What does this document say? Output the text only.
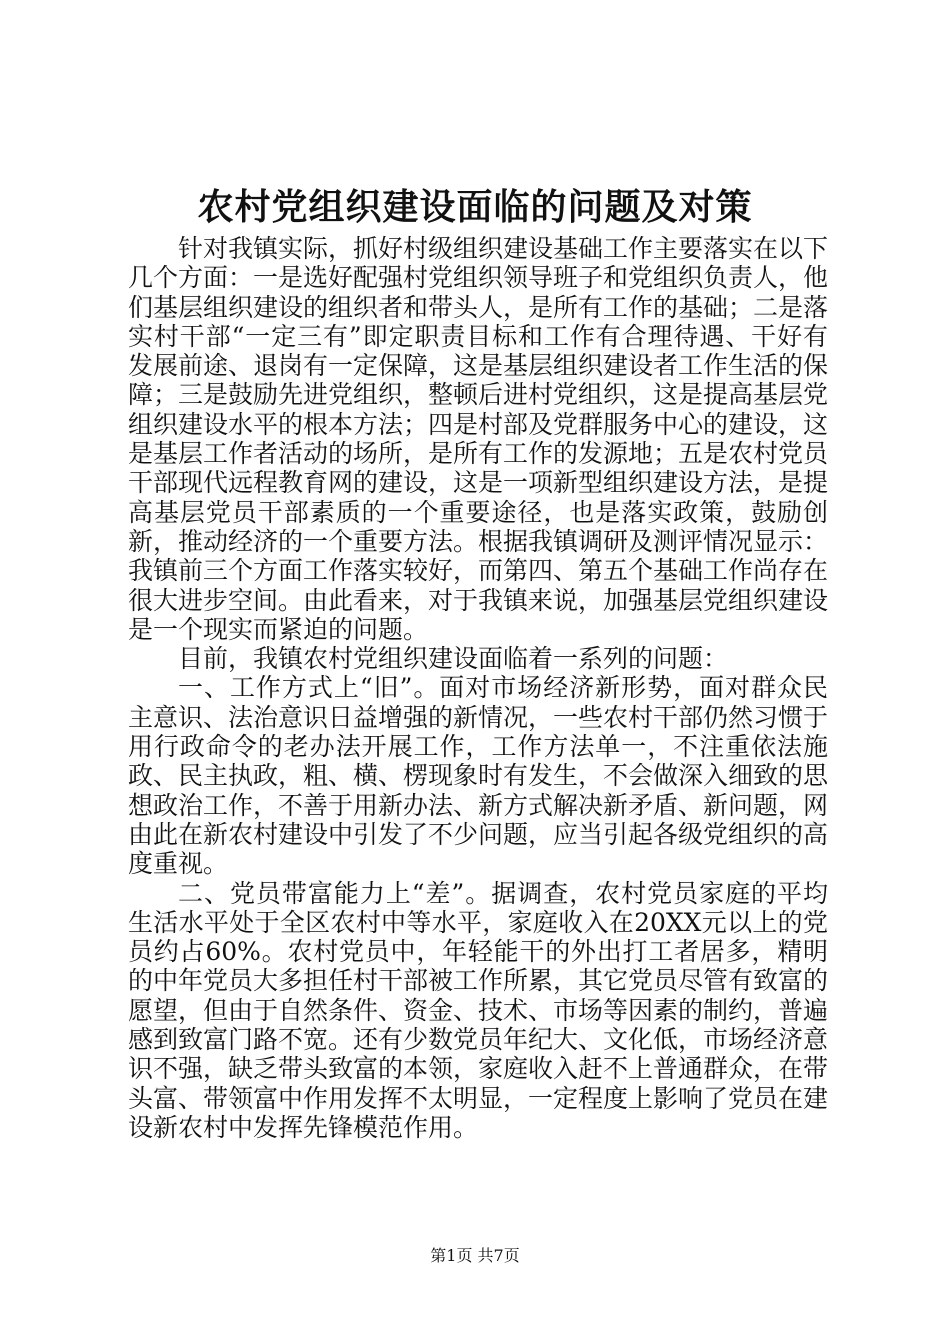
农村党组织建设面临的问题及对策

针对我镇实际，抓好村级组织建设基础工作主要落实在以下几个方面：一是选好配强村党组织领导班子和党组织负责人，他们基层组织建设的组织者和带头人，是所有工作的基础；二是落实村干部“一定三有”即定职责目标和工作有合理待遇、干好有发展前途、退岗有一定保障，这是基层组织建设者工作生活的保障；三是鼓励先进党组织，整顿后进村党组织，这是提高基层党组织建设水平的根本方法；四是村部及党群服务中心的建设，这是基层工作者活动的场所，是所有工作的发源地；五是农村党员干部现代远程教育网的建设，这是一项新型组织建设方法，是提高基层党员干部素质的一个重要途径，也是落实政策，鼓励创新，推动经济的一个重要方法。根据我镇调研及测评情况显示：我镇前三个方面工作落实较好，而第四、第五个基础工作尚存在很大进步空间。由此看来，对于我镇来说，加强基层党组织建设是一个现实而紧迫的问题。

目前，我镇农村党组织建设面临着一系列的问题：

一、工作方式上“旧”。面对市场经济新形势，面对群众民主意识、法治意识日益增强的新情况，一些农村干部仍然习惯于用行政命令的老办法开展工作，工作方法单一，不注重依法施政、民主执政，粗、横、楞现象时有发生，不会做深入细致的思想政治工作，不善于用新办法、新方式解决新矛盾、新问题，网由此在新农村建设中引发了不少问题，应当引起各级党组织的高度重视。

二、党员带富能力上“差”。据调查，农村党员家庭的平均生活水平处于全区农村中等水平，家庭收入在20XX元以上的党员约占60%。农村党员中，年轻能干的外出打工者居多，精明的中年党员大多担任村干部被工作所累，其它党员尽管有致富的愿望，但由于自然条件、资金、技术、市场等因素的制约，普遍感到致富门路不宽。还有少数党员年纪大、文化低，市场经济意识不强，缺乏带头致富的本领，家庭收入赶不上普通群众，在带头富、带领富中作用发挥不太明显，一定程度上影响了党员在建设新农村中发挥先锋模范作用。

第1页 共7页
